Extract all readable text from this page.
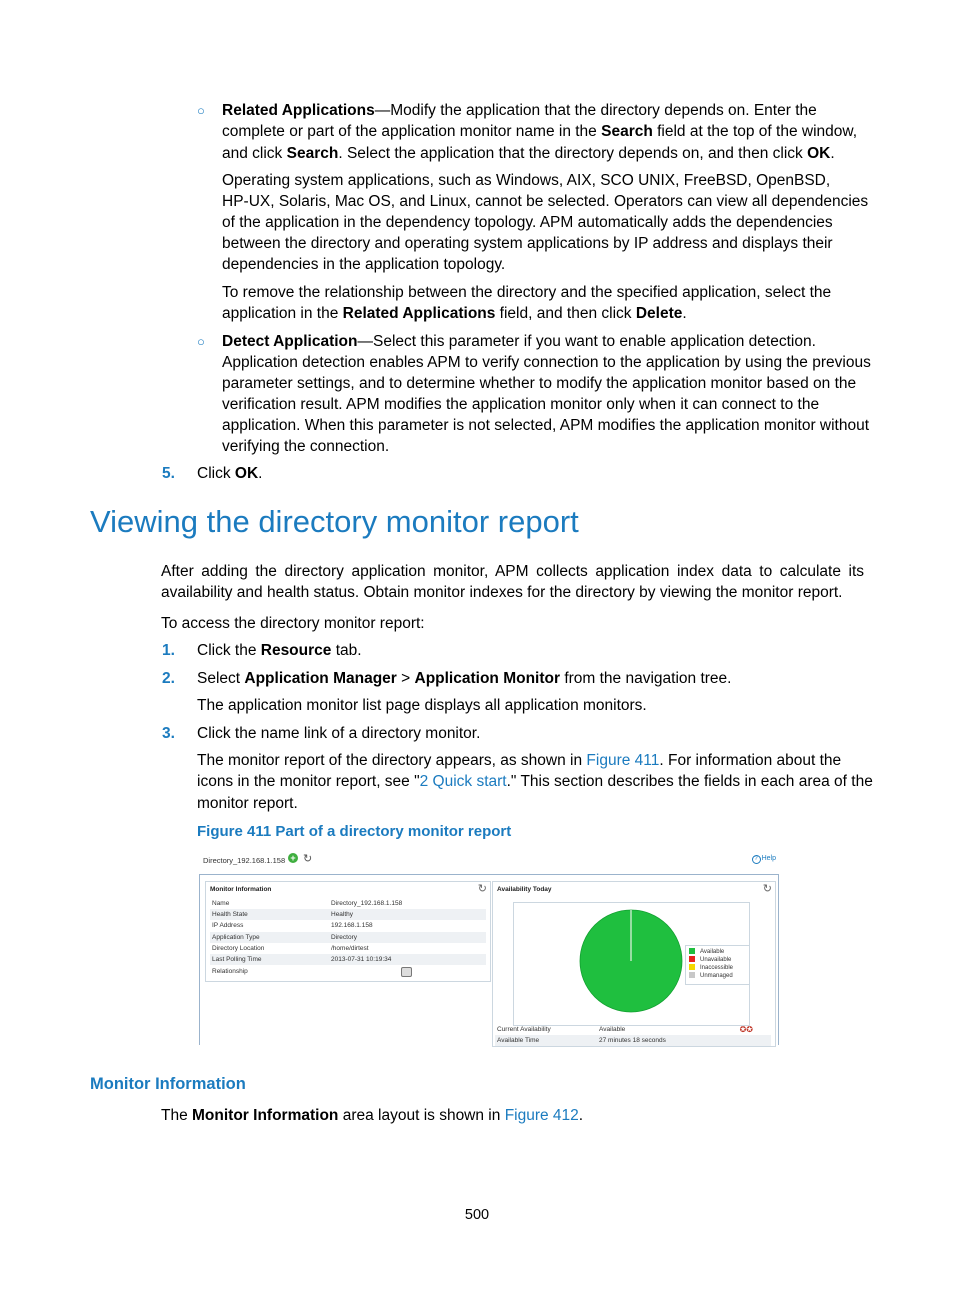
○ Related Applications—Modify the application that the directory depends on. Enter the
complete or part of the application monitor name in the Search field at the top of the window,
and click Search. Select the application that the directory depends on, and then click OK.
Operating system applications, such as Windows, AIX, SCO UNIX, FreeBSD, OpenBSD,
HP-UX, Solaris, Mac OS, and Linux, cannot be selected. Operators can view all dependencies
of the application in the dependency topology. APM automatically adds the dependencies
between the directory and operating system applications by IP address and displays their
dependencies in the application topology.
To remove the relationship between the directory and the specified application, select the
application in the Related Applications field, and then click Delete.
○ Detect Application—Select this parameter if you want to enable application detection.
Application detection enables APM to verify connection to the application by using the previous
parameter settings, and to determine whether to modify the application monitor based on the
verification result. APM modifies the application monitor only when it can connect to the
application. When this parameter is not selected, APM modifies the application monitor without
verifying the connection.
5. Click OK.
Viewing the directory monitor report
After adding the directory application monitor, APM collects application index data to calculate its
availability and health status. Obtain monitor indexes for the directory by viewing the monitor report.
To access the directory monitor report:
1. Click the Resource tab.
2. Select Application Manager > Application Monitor from the navigation tree.
The application monitor list page displays all application monitors.
3. Click the name link of a directory monitor.
The monitor report of the directory appears, as shown in Figure 411. For information about the
icons in the monitor report, see "2 Quick start." This section describes the fields in each area of the
monitor report.
Figure 411 Part of a directory monitor report
Directory_192.168.1.158 + ↻	? Help
Monitor Information	↻
Name	Directory_192.168.1.158
Health State	Healthy
IP Address	192.168.1.158
Application Type	Directory
Directory Location	/home/dirtest
Last Polling Time	2013-07-31 10:19:34
Relationship
Availability Today	↻
Available
Unavailable
Inaccessible
Unmanaged
Current Availability	Available	✪✪
Available Time	27 minutes 18 seconds
Monitor Information
The Monitor Information area layout is shown in Figure 412.
500
